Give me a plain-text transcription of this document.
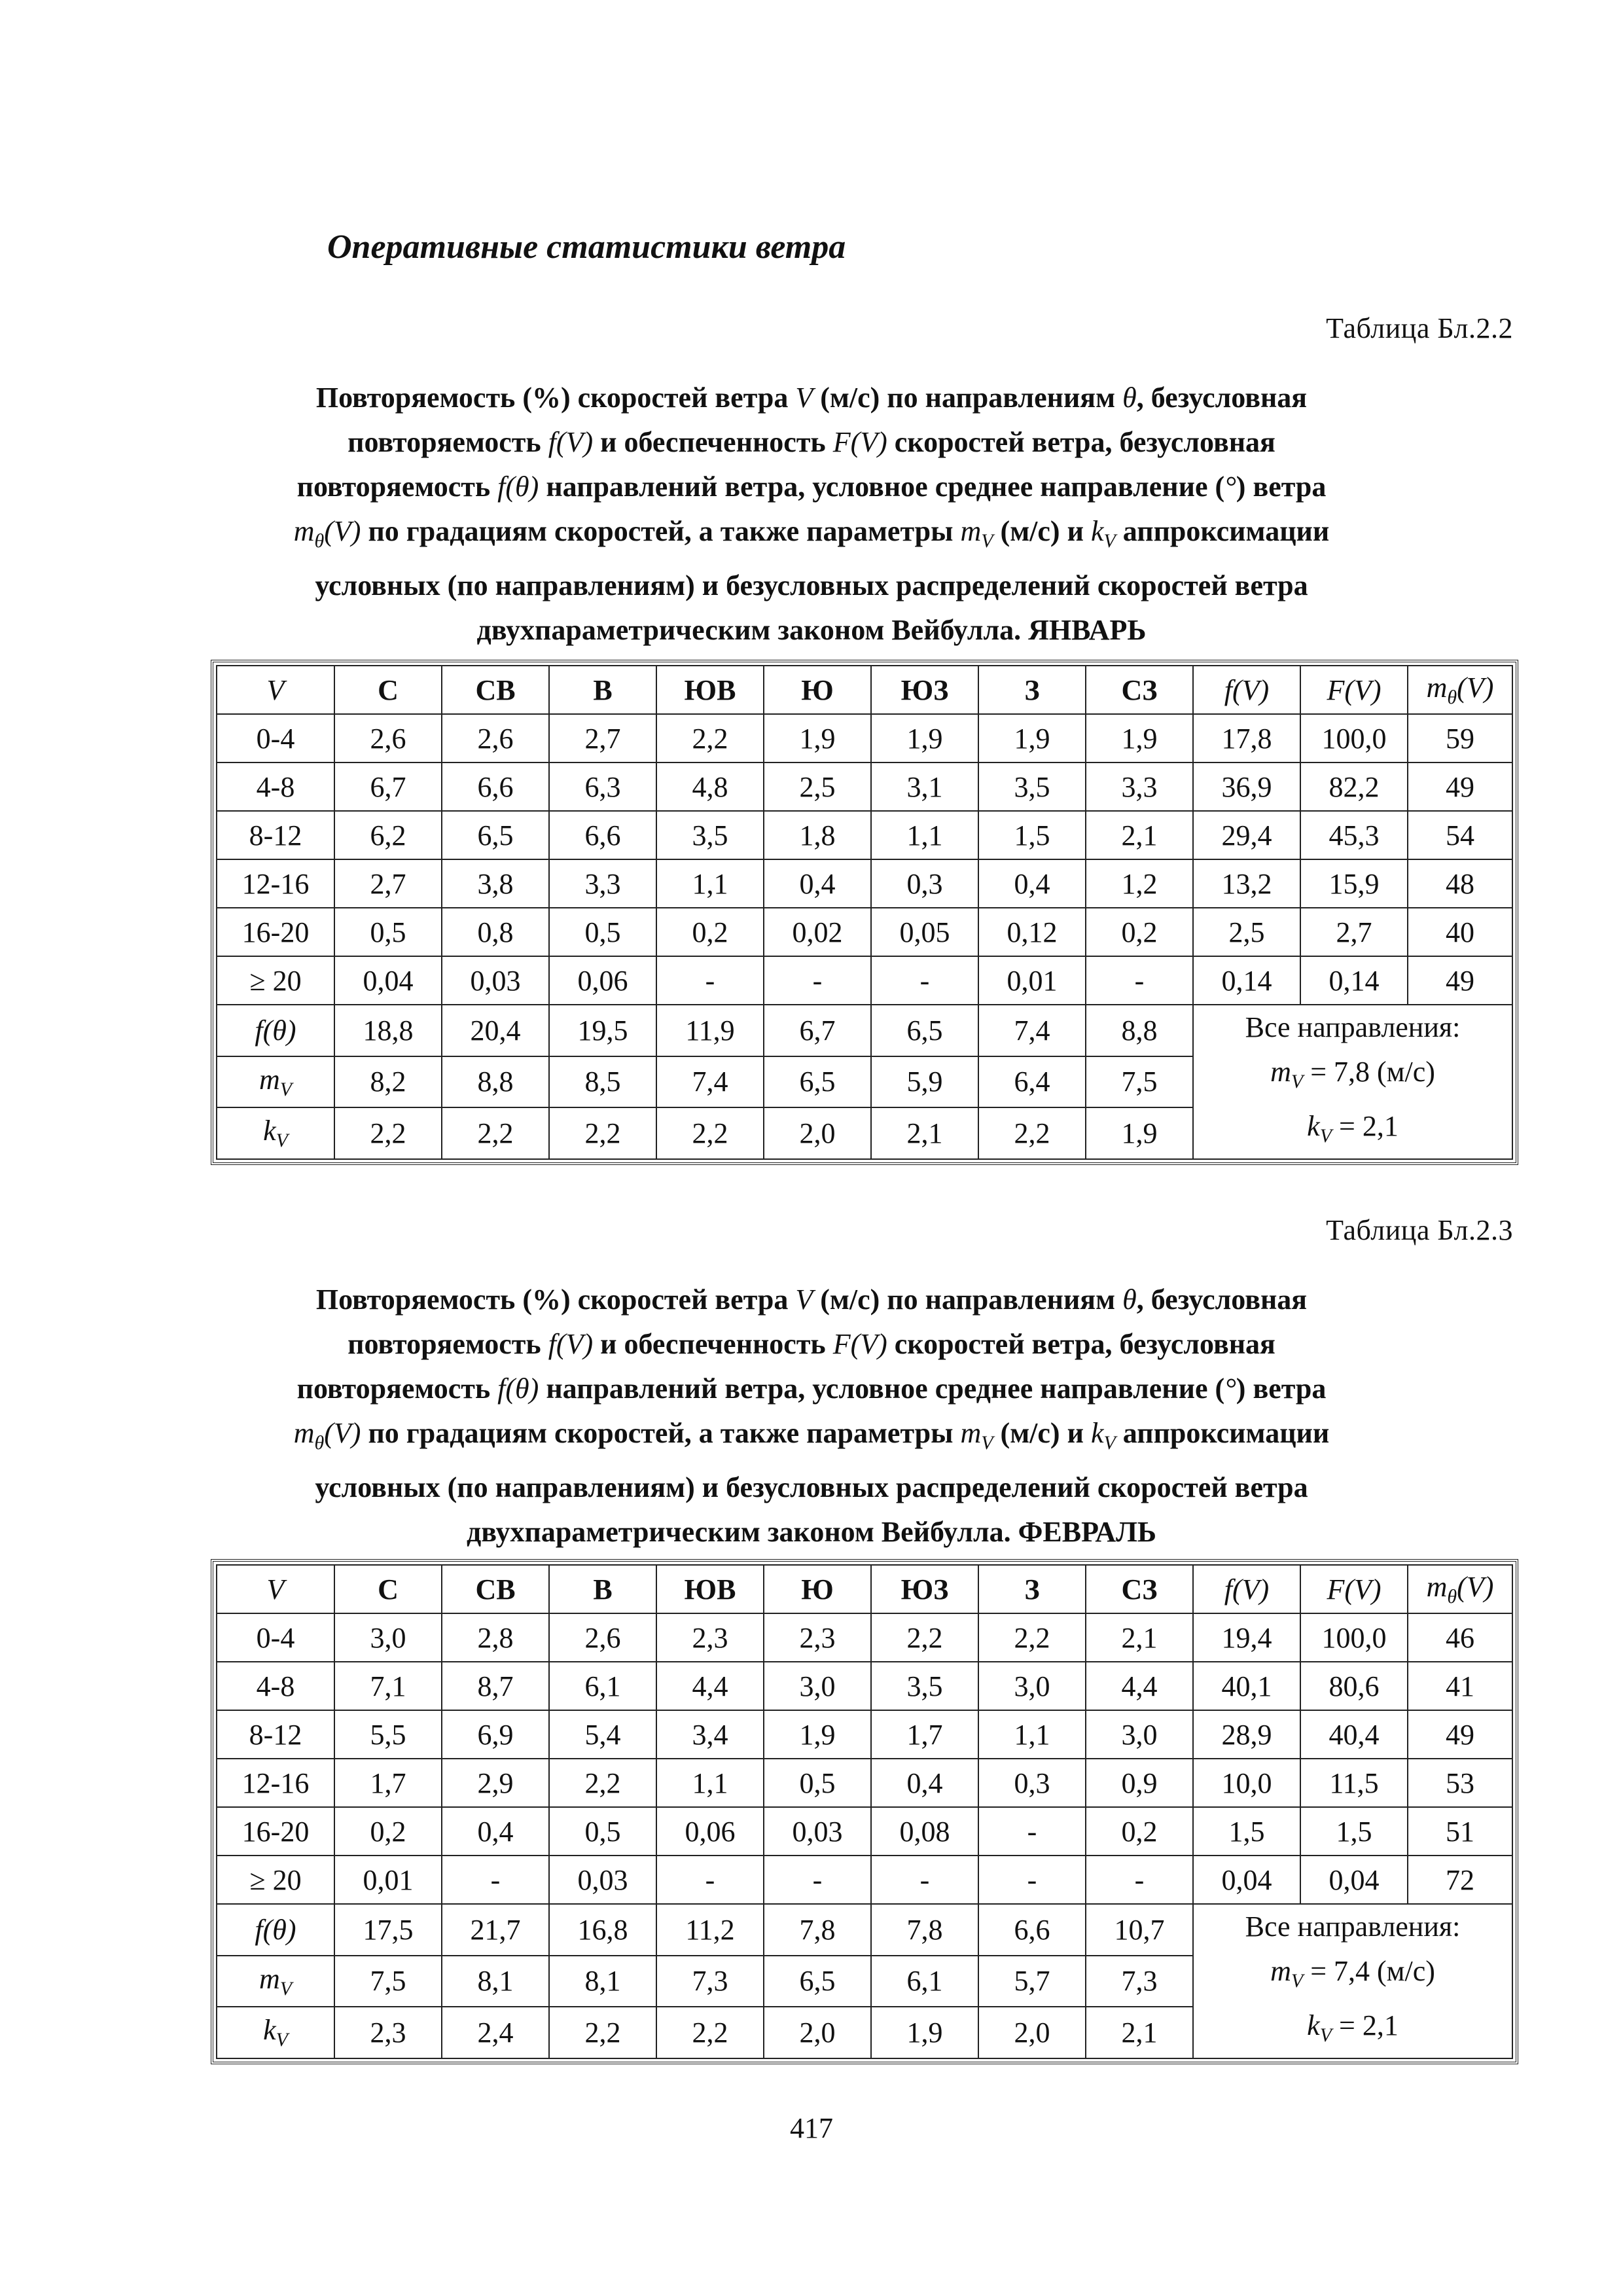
Оперативные статистики ветра
Таблица Бл.2.2
Повторяемость (%) скоростей ветра V (м/с) по направлениям θ, безусловная
повторяемость f(V) и обеспеченность F(V) скоростей ветра, безусловная
повторяемость f(θ) направлений ветра, условное среднее направление (°) ветра
$m_\theta(V)$ по градациям скоростей, а также параметры $m_V$ (м/с) и $k_V$ аппроксимации
условных (по направлениям) и безусловных распределений скоростей ветра
двухпараметрическим законом Вейбулла. ЯНВАРЬ
V	С	СВ	В	ЮВ	Ю	ЮЗ	З	СЗ	f(V)	F(V)	$m_\theta(V)$
0-4	2,6	2,6	2,7	2,2	1,9	1,9	1,9	1,9	17,8	100,0	59
4-8	6,7	6,6	6,3	4,8	2,5	3,1	3,5	3,3	36,9	82,2	49
8-12	6,2	6,5	6,6	3,5	1,8	1,1	1,5	2,1	29,4	45,3	54
12-16	2,7	3,8	3,3	1,1	0,4	0,3	0,4	1,2	13,2	15,9	48
16-20	0,5	0,8	0,5	0,2	0,02	0,05	0,12	0,2	2,5	2,7	40
≥ 20	0,04	0,03	0,06	-	-	-	0,01	-	0,14	0,14	49
f(θ)	18,8	20,4	19,5	11,9	6,7	6,5	7,4	8,8	Все направления:
$m_V = 7,8$ (м/с)
$k_V = 2,1$		

$m_V$	8,2	8,8	8,5	7,4	6,5	5,9	6,4	7,5			
$k_V$	2,2	2,2	2,2	2,2	2,0	2,1	2,2	1,9			
Таблица Бл.2.3
Повторяемость (%) скоростей ветра V (м/с) по направлениям θ, безусловная
повторяемость f(V) и обеспеченность F(V) скоростей ветра, безусловная
повторяемость f(θ) направлений ветра, условное среднее направление (°) ветра
$m_\theta(V)$ по градациям скоростей, а также параметры $m_V$ (м/с) и $k_V$ аппроксимации
условных (по направлениям) и безусловных распределений скоростей ветра
двухпараметрическим законом Вейбулла. ФЕВРАЛЬ
V	С	СВ	В	ЮВ	Ю	ЮЗ	З	СЗ	f(V)	F(V)	$m_\theta(V)$
0-4	3,0	2,8	2,6	2,3	2,3	2,2	2,2	2,1	19,4	100,0	46
4-8	7,1	8,7	6,1	4,4	3,0	3,5	3,0	4,4	40,1	80,6	41
8-12	5,5	6,9	5,4	3,4	1,9	1,7	1,1	3,0	28,9	40,4	49
12-16	1,7	2,9	2,2	1,1	0,5	0,4	0,3	0,9	10,0	11,5	53
16-20	0,2	0,4	0,5	0,06	0,03	0,08	-	0,2	1,5	1,5	51
≥ 20	0,01	-	0,03	-	-	-	-	-	0,04	0,04	72
f(θ)	17,5	21,7	16,8	11,2	7,8	7,8	6,6	10,7	Все направления:
$m_V = 7,4$ (м/с)
$k_V = 2,1$		

$m_V$	7,5	8,1	8,1	7,3	6,5	6,1	5,7	7,3			
$k_V$	2,3	2,4	2,2	2,2	2,0	1,9	2,0	2,1			
417
